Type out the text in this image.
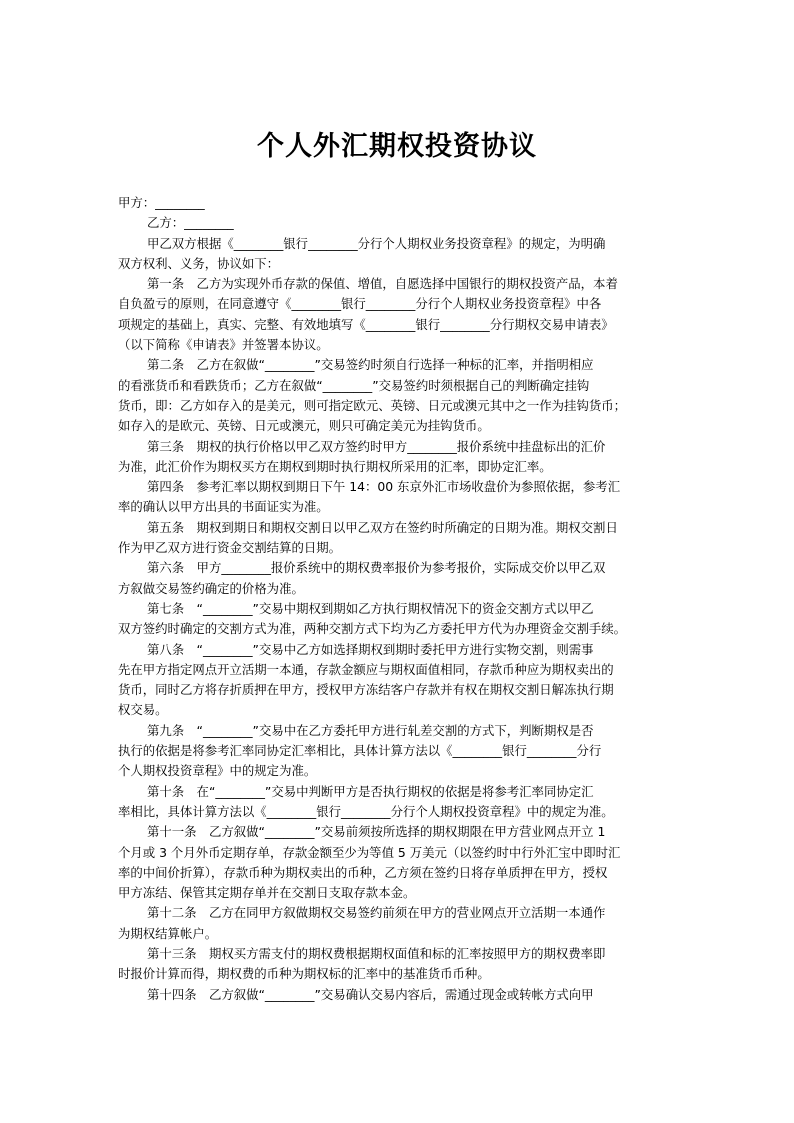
个人外汇期权投资协议
甲方：________
乙方：________
甲乙双方根据《________银行________分行个人期权业务投资章程》的规定，为明确
双方权利、义务，协议如下：
第一条　乙方为实现外币存款的保值、增值，自愿选择中国银行的期权投资产品，本着
自负盈亏的原则，在同意遵守《________银行________分行个人期权业务投资章程》中各
项规定的基础上，真实、完整、有效地填写《________银行________分行期权交易申请表》
（以下简称《申请表》并签署本协议。
第二条　乙方在叙做“________”交易签约时须自行选择一种标的汇率，并指明相应
的看涨货币和看跌货币；乙方在叙做“________”交易签约时须根据自己的判断确定挂钩
货币，即：乙方如存入的是美元，则可指定欧元、英镑、日元或澳元其中之一作为挂钩货币；
如存入的是欧元、英镑、日元或澳元，则只可确定美元为挂钩货币。
第三条　期权的执行价格以甲乙双方签约时甲方________报价系统中挂盘标出的汇价
为准，此汇价作为期权买方在期权到期时执行期权所采用的汇率，即协定汇率。
第四条　参考汇率以期权到期日下午 14：00 东京外汇市场收盘价为参照依据，参考汇
率的确认以甲方出具的书面证实为准。
第五条　期权到期日和期权交割日以甲乙双方在签约时所确定的日期为准。期权交割日
作为甲乙双方进行资金交割结算的日期。
第六条　甲方________报价系统中的期权费率报价为参考报价，实际成交价以甲乙双
方叙做交易签约确定的价格为准。
第七条　“________”交易中期权到期如乙方执行期权情况下的资金交割方式以甲乙
双方签约时确定的交割方式为准，两种交割方式下均为乙方委托甲方代为办理资金交割手续。
第八条　“________”交易中乙方如选择期权到期时委托甲方进行实物交割，则需事
先在甲方指定网点开立活期一本通，存款金额应与期权面值相同，存款币种应为期权卖出的
货币，同时乙方将存折质押在甲方，授权甲方冻结客户存款并有权在期权交割日解冻执行期
权交易。
第九条　“________”交易中在乙方委托甲方进行轧差交割的方式下，判断期权是否
执行的依据是将参考汇率同协定汇率相比，具体计算方法以《________银行________分行
个人期权投资章程》中的规定为准。
第十条　在“________”交易中判断甲方是否执行期权的依据是将参考汇率同协定汇
率相比，具体计算方法以《________银行________分行个人期权投资章程》中的规定为准。
第十一条　乙方叙做“________”交易前须按所选择的期权期限在甲方营业网点开立 1
个月或 3 个月外币定期存单，存款金额至少为等值 5 万美元（以签约时中行外汇宝中即时汇
率的中间价折算），存款币种为期权卖出的币种，乙方须在签约日将存单质押在甲方，授权
甲方冻结、保管其定期存单并在交割日支取存款本金。
第十二条　乙方在同甲方叙做期权交易签约前须在甲方的营业网点开立活期一本通作
为期权结算帐户。
第十三条　期权买方需支付的期权费根据期权面值和标的汇率按照甲方的期权费率即
时报价计算而得，期权费的币种为期权标的汇率中的基准货币币种。
第十四条　乙方叙做“________”交易确认交易内容后，需通过现金或转帐方式向甲
